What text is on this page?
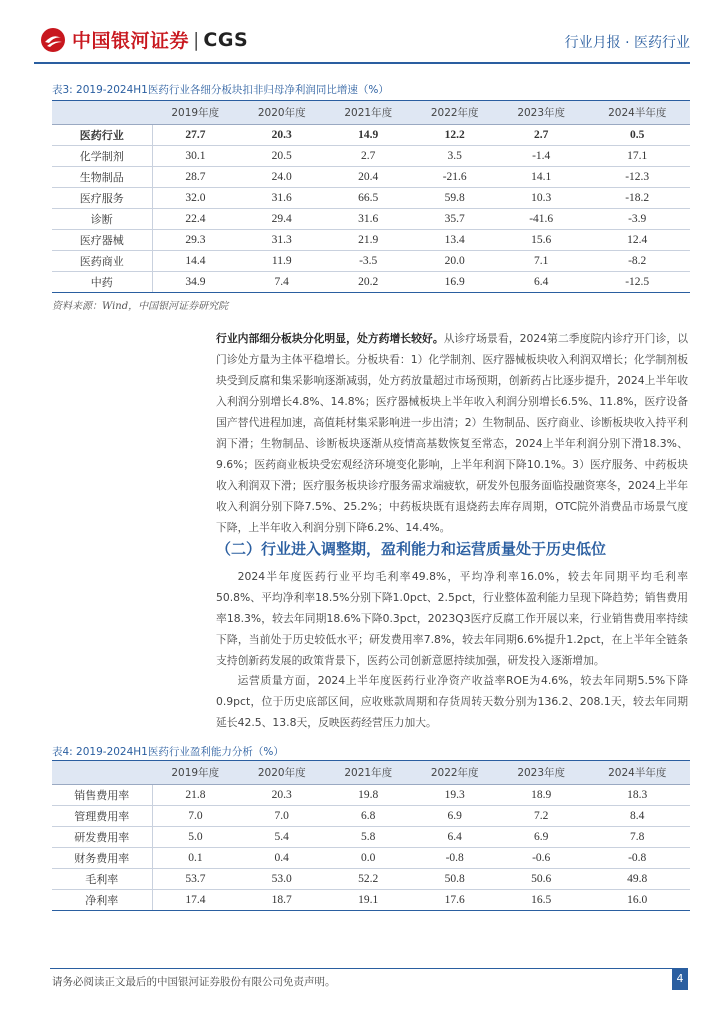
中国银河证券 | CGS	行业月报 · 医药行业
表3: 2019-2024H1医药行业各细分板块扣非归母净利润同比增速（%）
	2019年度	2020年度	2021年度	2022年度	2023年度	2024半年度
医药行业	27.7	20.3	14.9	12.2	2.7	0.5
化学制剂	30.1	20.5	2.7	3.5	-1.4	17.1
生物制品	28.7	24.0	20.4	-21.6	14.1	-12.3
医疗服务	32.0	31.6	66.5	59.8	10.3	-18.2
诊断	22.4	29.4	31.6	35.7	-41.6	-3.9
医疗器械	29.3	31.3	21.9	13.4	15.6	12.4
医药商业	14.4	11.9	-3.5	20.0	7.1	-8.2
中药	34.9	7.4	20.2	16.9	6.4	-12.5
资料来源：Wind，中国银河证券研究院
行业内部细分板块分化明显，处方药增长较好。从诊疗场景看，2024第二季度院内诊疗开门诊，以门诊处方量为主体平稳增长。分板块看：1）化学制剂、医疗器械板块收入利润双增长；化学制剂板块受到反腐和集采影响逐渐减弱，处方药放量超过市场预期，创新药占比逐步提升，2024上半年收入利润分别增长4.8%、14.8%；医疗器械板块上半年收入利润分别增长6.5%、11.8%，医疗设备国产替代进程加速，高值耗材集采影响进一步出清；2）生物制品、医疗商业、诊断板块收入持平利润下滑；生物制品、诊断板块逐渐从疫情高基数恢复至常态，2024上半年利润分别下滑18.3%、9.6%；医药商业板块受宏观经济环境变化影响，上半年利润下降10.1%。3）医疗服务、中药板块收入利润双下滑；医疗服务板块诊疗服务需求端疲软，研发外包服务面临投融资寒冬，2024上半年收入利润分别下降7.5%、25.2%；中药板块既有退烧药去库存周期，OTC院外消费品市场景气度下降，上半年收入利润分别下降6.2%、14.4%。
（二）行业进入调整期，盈利能力和运营质量处于历史低位
2024半年度医药行业平均毛利率49.8%，平均净利率16.0%，较去年同期平均毛利率50.8%、平均净利率18.5%分别下降1.0pct、2.5pct，行业整体盈利能力呈现下降趋势；销售费用率18.3%，较去年同期18.6%下降0.3pct，2023Q3医疗反腐工作开展以来，行业销售费用率持续下降，当前处于历史较低水平；研发费用率7.8%，较去年同期6.6%提升1.2pct，在上半年全链条支持创新药发展的政策背景下，医药公司创新意愿持续加强，研发投入逐渐增加。
运营质量方面，2024上半年度医药行业净资产收益率ROE为4.6%，较去年同期5.5%下降0.9pct，位于历史底部区间，应收账款周期和存货周转天数分别为136.2、208.1天，较去年同期延长42.5、13.8天，反映医药经营压力加大。
表4: 2019-2024H1医药行业盈利能力分析（%）
	2019年度	2020年度	2021年度	2022年度	2023年度	2024半年度
销售费用率	21.8	20.3	19.8	19.3	18.9	18.3
管理费用率	7.0	7.0	6.8	6.9	7.2	8.4
研发费用率	5.0	5.4	5.8	6.4	6.9	7.8
财务费用率	0.1	0.4	0.0	-0.8	-0.6	-0.8
毛利率	53.7	53.0	52.2	50.8	50.6	49.8
净利率	17.4	18.7	19.1	17.6	16.5	16.0
请务必阅读正文最后的中国银河证券股份有限公司免责声明。	4
